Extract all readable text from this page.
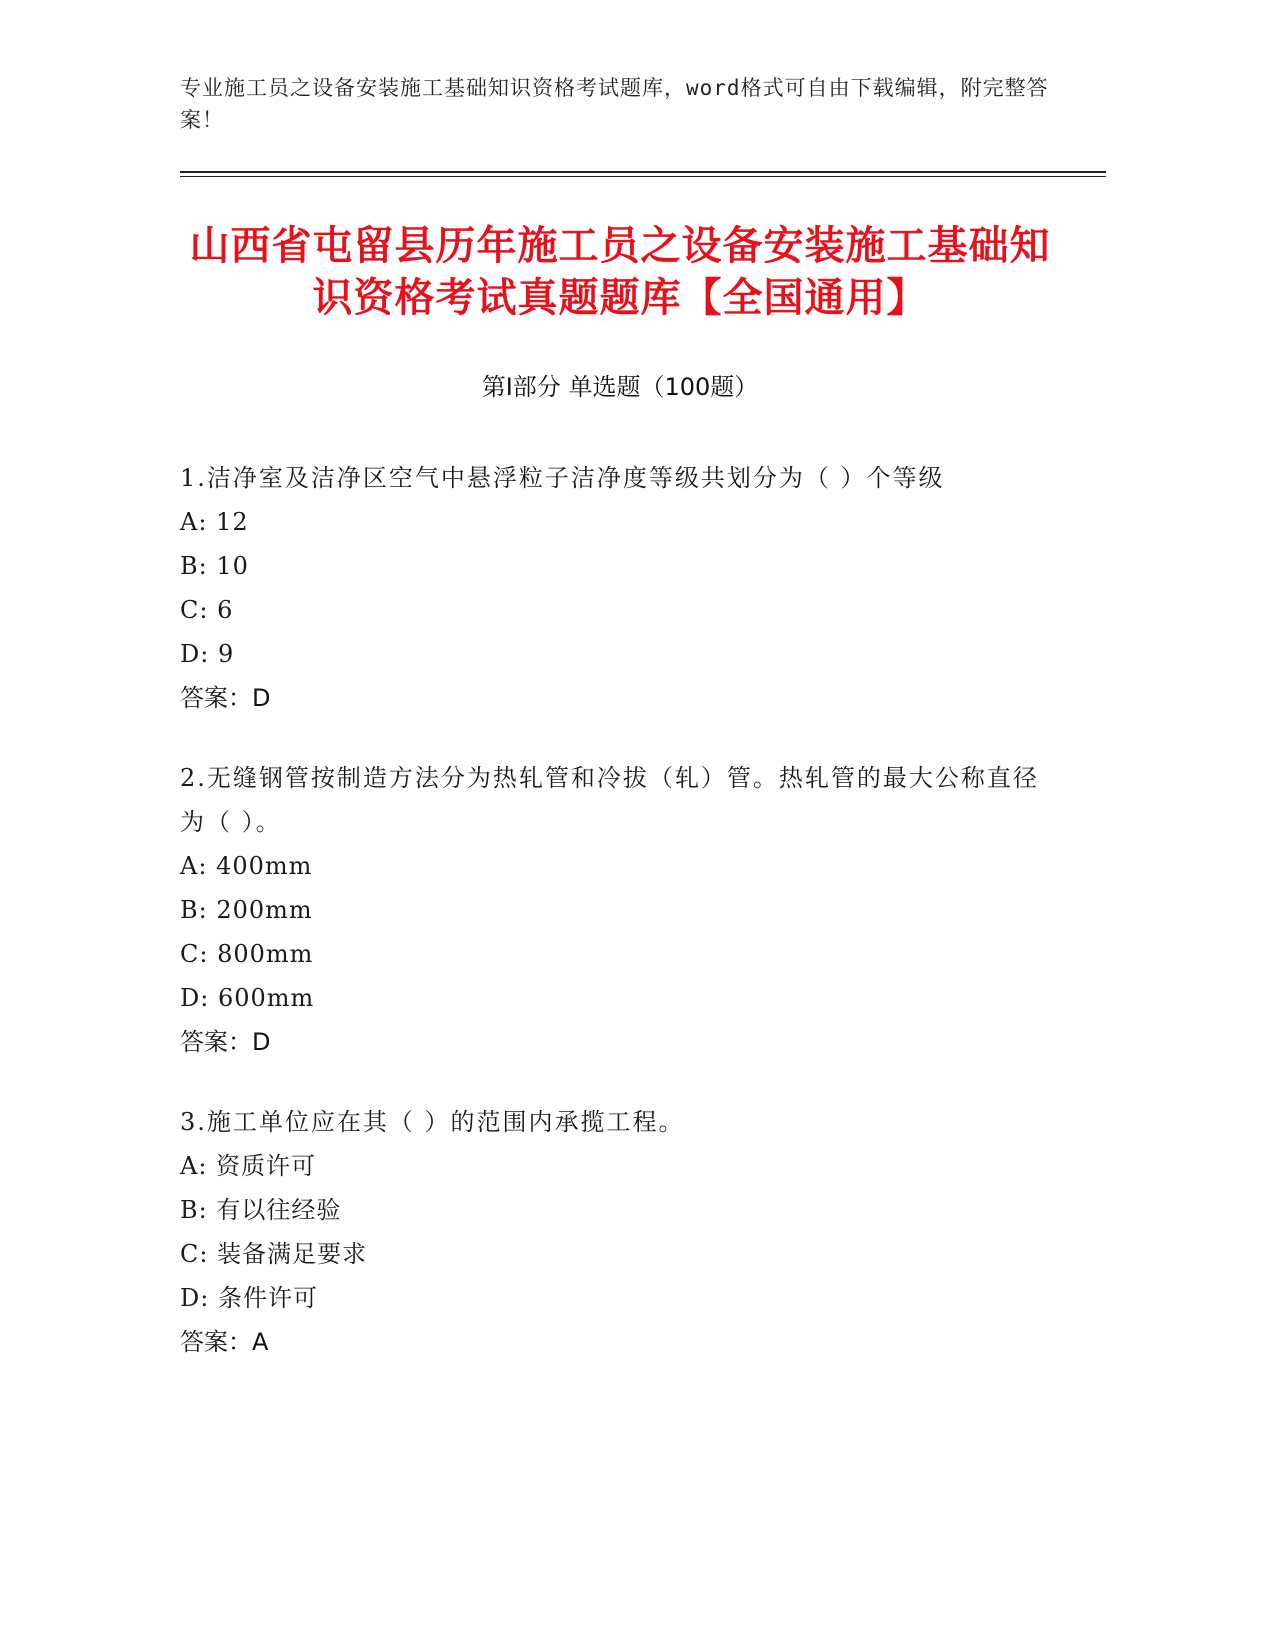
专业施工员之设备安装施工基础知识资格考试题库，word格式可自由下载编辑，附完整答案！
山西省屯留县历年施工员之设备安装施工基础知识资格考试真题题库【全国通用】
第Ⅰ部分 单选题（100题）
1.洁净室及洁净区空气中悬浮粒子洁净度等级共划分为（ ）个等级
A: 12
B: 10
C: 6
D: 9
答案：D
2.无缝钢管按制造方法分为热轧管和冷拔（轧）管。热轧管的最大公称直径为（ ）。
A: 400mm
B: 200mm
C: 800mm
D: 600mm
答案：D
3.施工单位应在其（ ）的范围内承揽工程。
A: 资质许可
B: 有以往经验
C: 装备满足要求
D: 条件许可
答案：A
